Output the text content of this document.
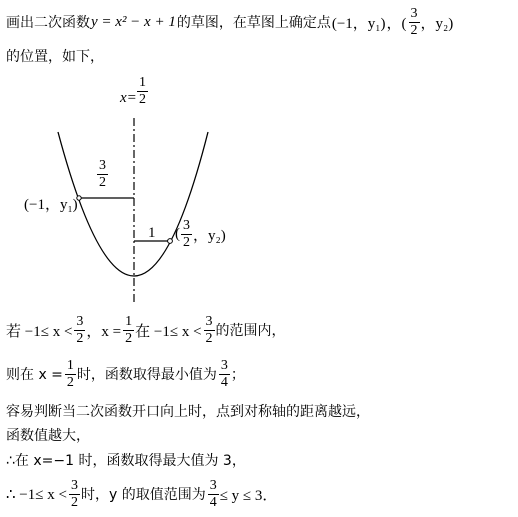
画出二次函数 y = x² − x + 1 的草图，在草图上确定点 (−1，y₁) ，( $\frac{3}{2}$ ，y₂)
的位置，如下，
$x= \frac{1}{2}$
$\frac{3}{2}$
(−1，y₁)
1 ( $\frac{3}{2}$ ，y₂)
若 $-1\le x < \frac{3}{2}$ ，$x = \frac{1}{2}$ 在 $-1\le x < \frac{3}{2}$ 的范围内，
则在 $x = \frac{1}{2}$ 时，函数取得最小值为 $\frac{3}{4}$ ；
容易判断当二次函数开口向上时，点到对称轴的距离越远，
函数值越大，
∴在 x=−1 时，函数取得最大值为 3，
∴ $-1\le x < \frac{3}{2}$ 时，y 的取值范围为 $\frac{3}{4} \le y \le 3$．
